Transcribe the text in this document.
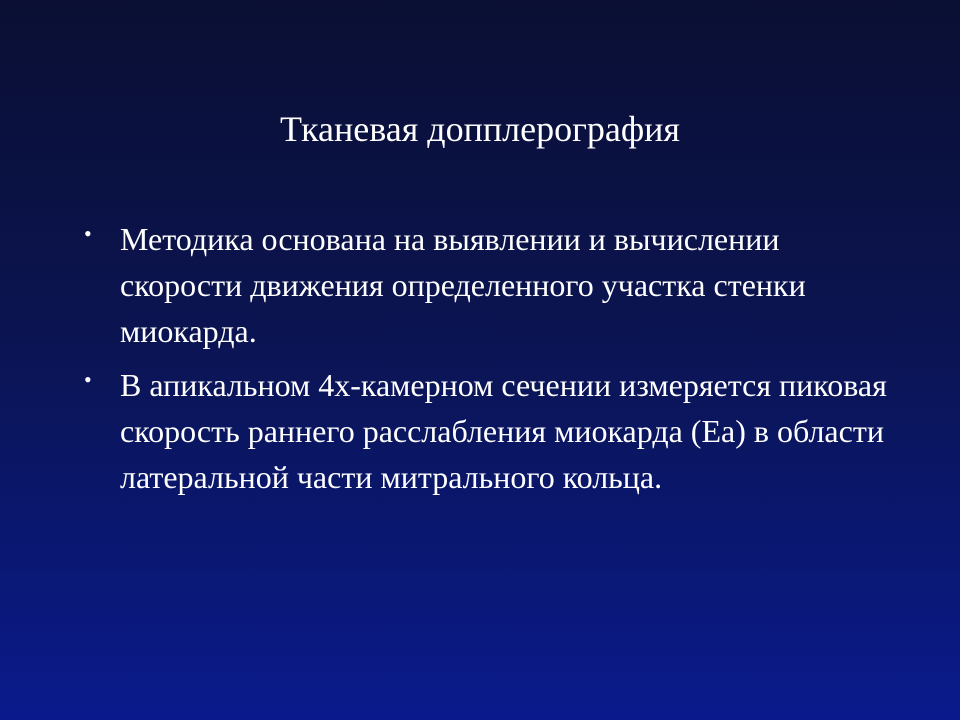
Тканевая допплерография
• Методика основана на выявлении и вычислении скорости движения определенного участка стенки миокарда.
• В апикальном 4х-камерном сечении измеряется пиковая скорость раннего расслабления миокарда (Еа) в области латеральной части митрального кольца.
